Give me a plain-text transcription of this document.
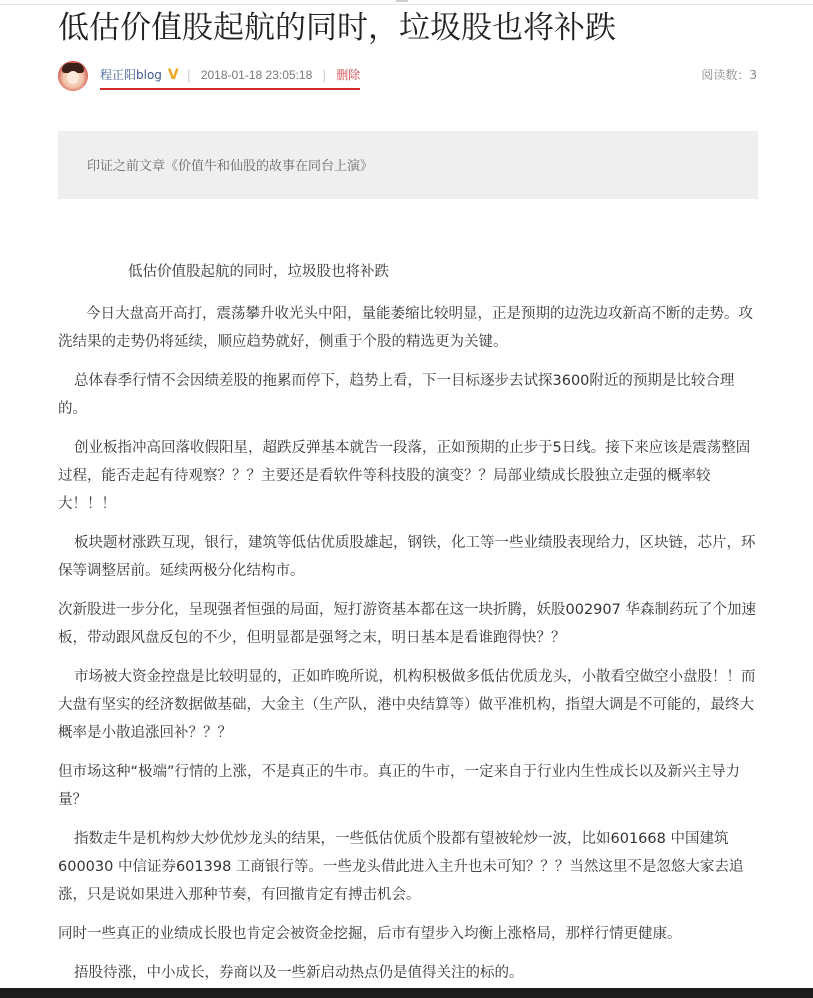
低估价值股起航的同时，垃圾股也将补跌
程正阳blog V | 2018-01-18 23:05:18 | 删除	阅读数：3
印证之前文章《价值牛和仙股的故事在同台上演》

低估价值股起航的同时，垃圾股也将补跌

今日大盘高开高打，震荡攀升收光头中阳，量能萎缩比较明显，正是预期的边洗边攻新高不断的走势。攻洗结果的走势仍将延续，顺应趋势就好，侧重于个股的精选更为关键。

总体春季行情不会因绩差股的拖累而停下，趋势上看，下一目标逐步去试探3600附近的预期是比较合理的。

创业板指冲高回落收假阳星，超跌反弹基本就告一段落，正如预期的止步于5日线。接下来应该是震荡整固过程，能否走起有待观察？？？主要还是看软件等科技股的演变？？局部业绩成长股独立走强的概率较大！！！

板块题材涨跌互现，银行，建筑等低估优质股雄起，钢铁，化工等一些业绩股表现给力，区块链，芯片，环保等调整居前。延续两极分化结构市。

次新股进一步分化，呈现强者恒强的局面，短打游资基本都在这一块折腾，妖股002907 华森制药玩了个加速板，带动跟风盘反包的不少，但明显都是强弩之末，明日基本是看谁跑得快？？

市场被大资金控盘是比较明显的，正如昨晚所说，机构积极做多低估优质龙头，小散看空做空小盘股！！而大盘有坚实的经济数据做基础，大金主（生产队，港中央结算等）做平准机构，指望大调是不可能的，最终大概率是小散追涨回补？？？

但市场这种“极端”行情的上涨，不是真正的牛市。真正的牛市，一定来自于行业内生性成长以及新兴主导力量？

指数走牛是机构炒大炒优炒龙头的结果，一些低估优质个股都有望被轮炒一波，比如601668 中国建筑 600030 中信证券601398 工商银行等。一些龙头借此进入主升也未可知？？？当然这里不是忽悠大家去追涨，只是说如果进入那种节奏，有回撤肯定有搏击机会。

同时一些真正的业绩成长股也肯定会被资金挖掘，后市有望步入均衡上涨格局，那样行情更健康。

捂股待涨，中小成长，券商以及一些新启动热点仍是值得关注的标的。
